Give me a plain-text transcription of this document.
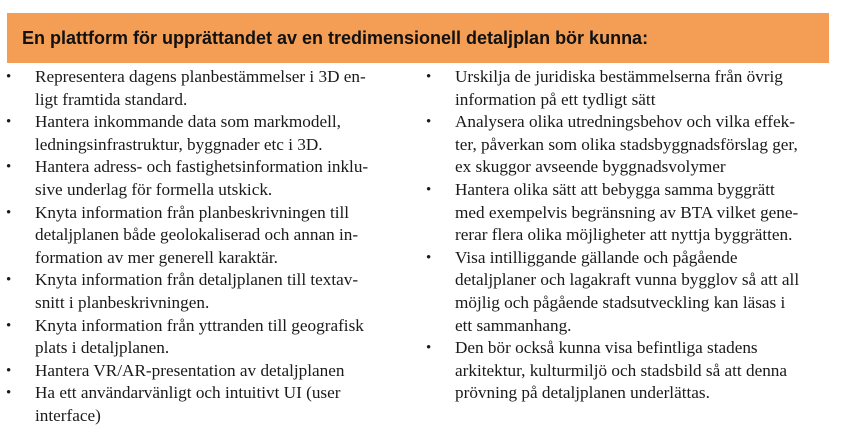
En plattform för upprättandet av en tredimensionell detaljplan bör kunna:
• Representera dagens planbestämmelser i 3D en-
ligt framtida standard.
• Hantera inkommande data som markmodell,
ledningsinfrastruktur, byggnader etc i 3D.
• Hantera adress- och fastighetsinformation inklu-
sive underlag för formella utskick.
• Knyta information från planbeskrivningen till
detaljplanen både geolokaliserad och annan in-
formation av mer generell karaktär.
• Knyta information från detaljplanen till textav-
snitt i planbeskrivningen.
• Knyta information från yttranden till geografisk
plats i detaljplanen.
• Hantera VR/AR-presentation av detaljplanen
• Ha ett användarvänligt och intuitivt UI (user
interface)
• Urskilja de juridiska bestämmelserna från övrig
information på ett tydligt sätt
• Analysera olika utredningsbehov och vilka effek-
ter, påverkan som olika stadsbyggnadsförslag ger,
ex skuggor avseende byggnadsvolymer
• Hantera olika sätt att bebygga samma byggrätt
med exempelvis begränsning av BTA vilket gene-
rerar flera olika möjligheter att nyttja byggrätten.
• Visa intilliggande gällande och pågående
detaljplaner och lagakraft vunna bygglov så att all
möjlig och pågående stadsutveckling kan läsas i
ett sammanhang.
• Den bör också kunna visa befintliga stadens
arkitektur, kulturmiljö och stadsbild så att denna
prövning på detaljplanen underlättas.
